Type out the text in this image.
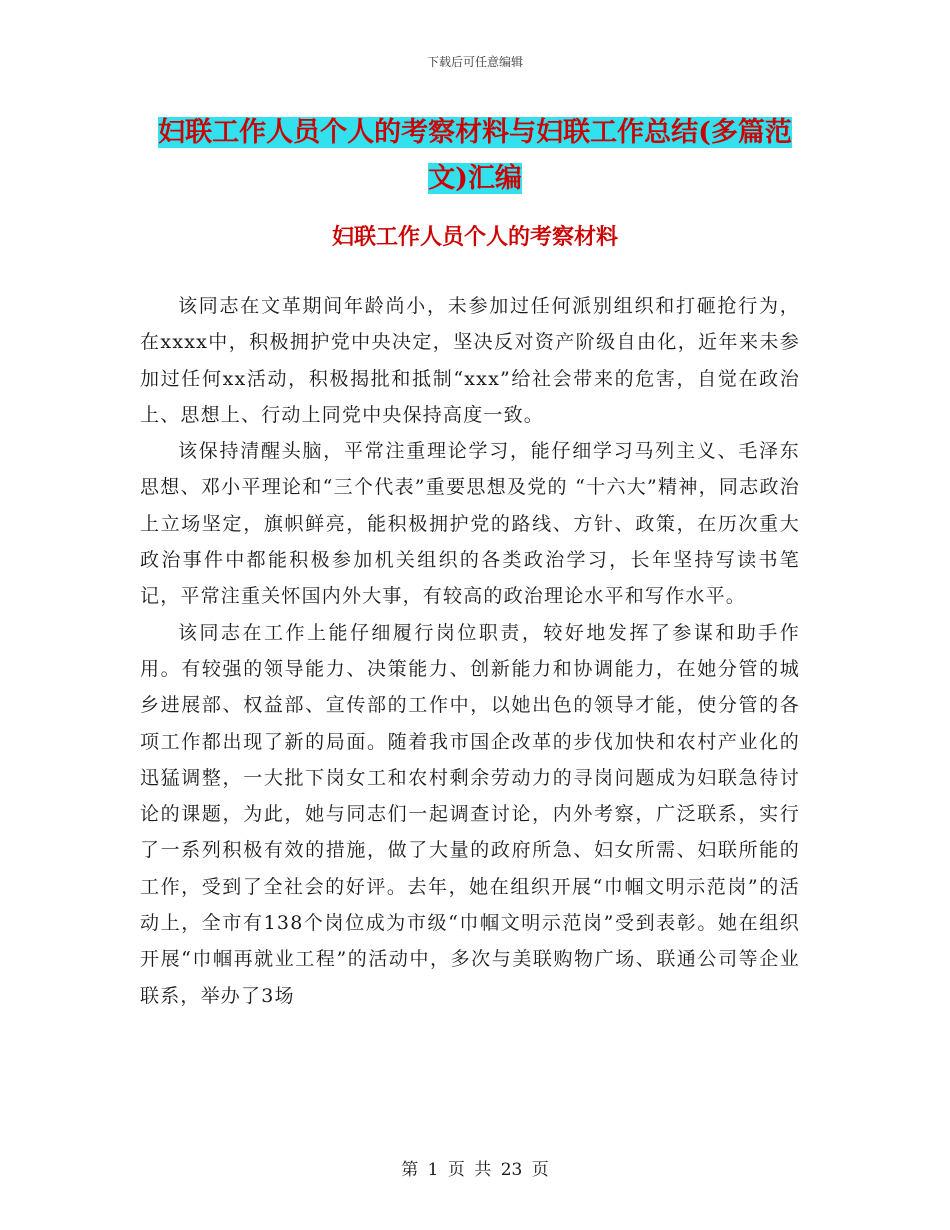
下载后可任意编辑
妇联工作人员个人的考察材料与妇联工作总结(多篇范文)汇编
妇联工作人员个人的考察材料

该同志在文革期间年龄尚小，未参加过任何派别组织和打砸抢行为，在xxxx中，积极拥护党中央决定，坚决反对资产阶级自由化，近年来未参加过任何xx活动，积极揭批和抵制“xxx”给社会带来的危害，自觉在政治上、思想上、行动上同党中央保持高度一致。

该保持清醒头脑，平常注重理论学习，能仔细学习马列主义、毛泽东思想、邓小平理论和“三个代表”重要思想及党的 “十六大”精神，同志政治上立场坚定，旗帜鲜亮，能积极拥护党的路线、方针、政策，在历次重大政治事件中都能积极参加机关组织的各类政治学习，长年坚持写读书笔记，平常注重关怀国内外大事，有较高的政治理论水平和写作水平。

该同志在工作上能仔细履行岗位职责，较好地发挥了参谋和助手作用。有较强的领导能力、决策能力、创新能力和协调能力，在她分管的城乡进展部、权益部、宣传部的工作中，以她出色的领导才能，使分管的各项工作都出现了新的局面。随着我市国企改革的步伐加快和农村产业化的迅猛调整，一大批下岗女工和农村剩余劳动力的寻岗问题成为妇联急待讨论的课题，为此，她与同志们一起调查讨论，内外考察，广泛联系，实行了一系列积极有效的措施，做了大量的政府所急、妇女所需、妇联所能的工作，受到了全社会的好评。去年，她在组织开展“巾帼文明示范岗”的活动上，全市有138个岗位成为市级“巾帼文明示范岗”受到表彰。她在组织开展“巾帼再就业工程”的活动中，多次与美联购物广场、联通公司等企业联系，举办了3场

第 1 页 共 23 页
